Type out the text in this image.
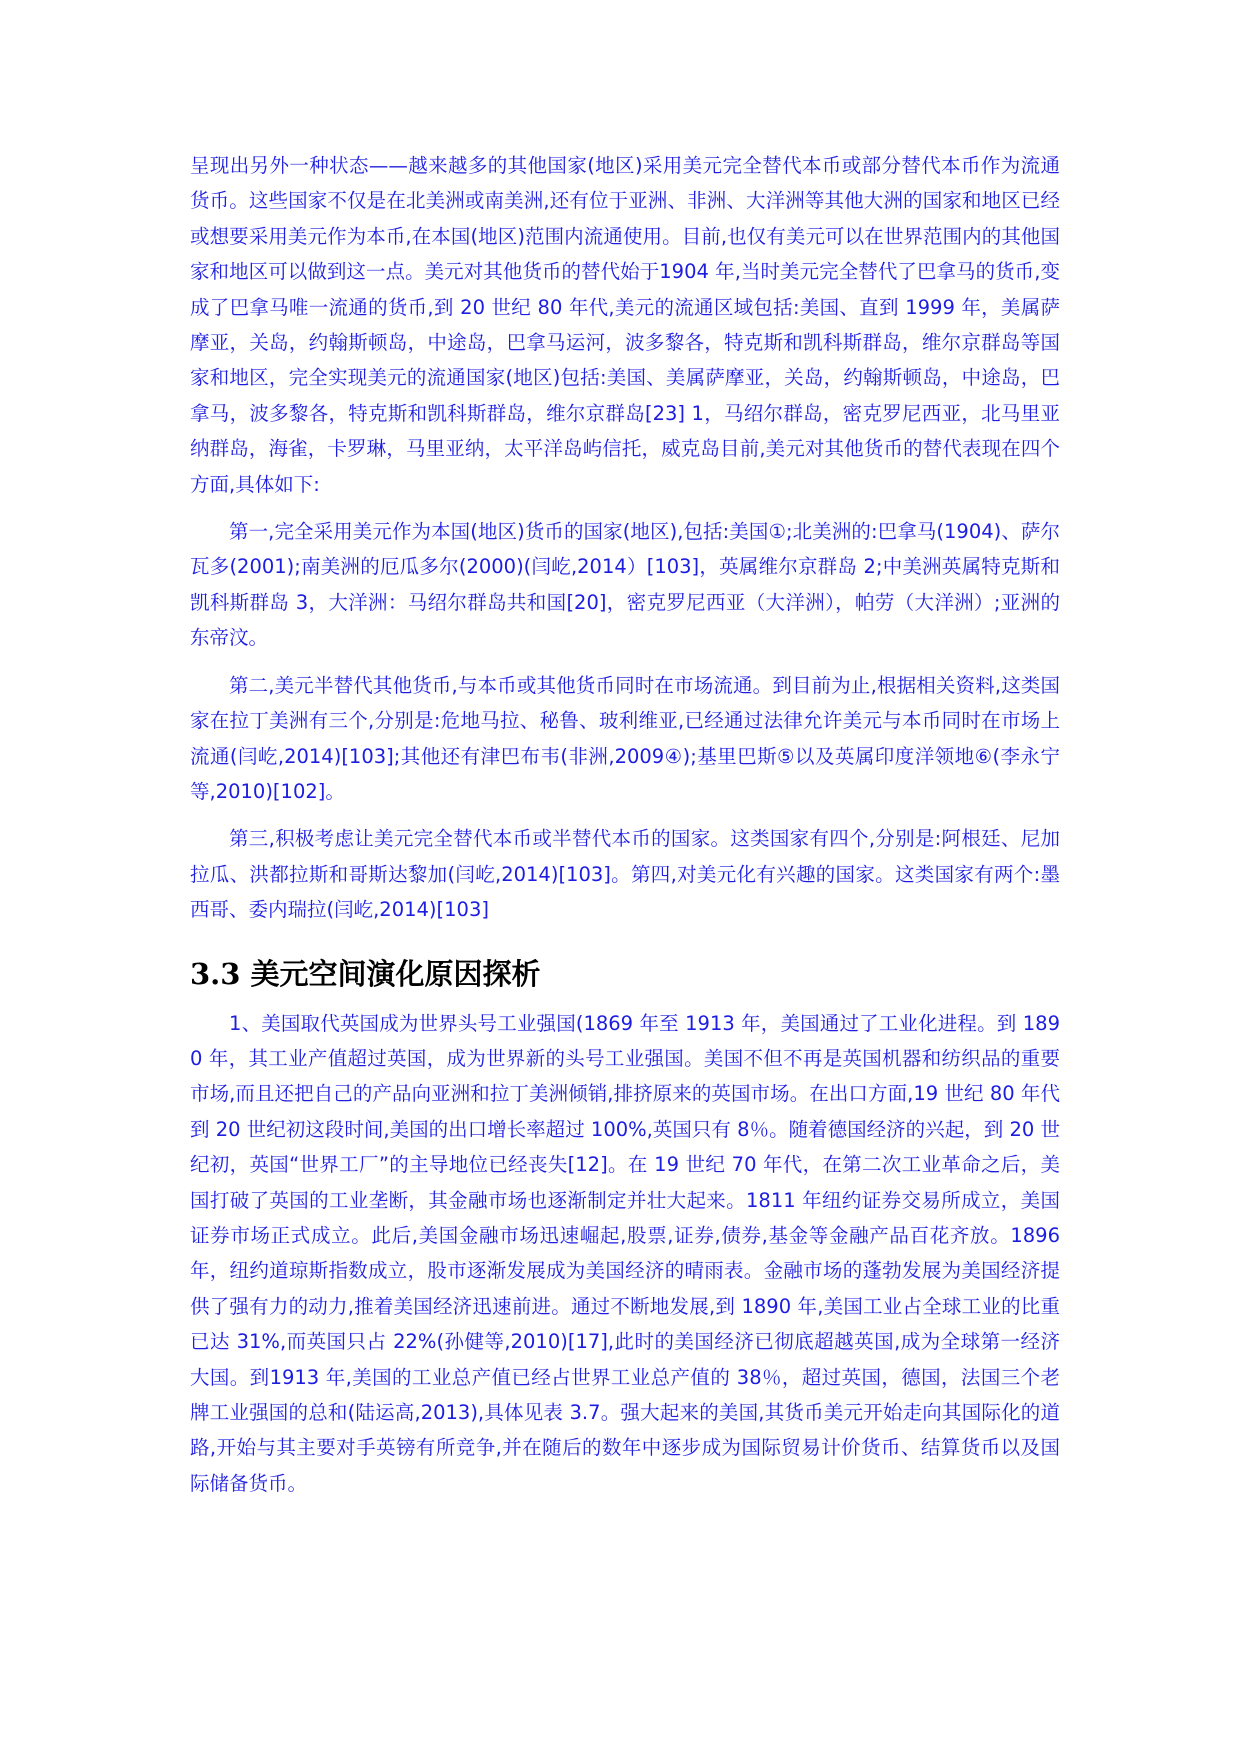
呈现出另外一种状态——越来越多的其他国家(地区)采用美元完全替代本币或部分替代本币作为流通货币。这些国家不仅是在北美洲或南美洲,还有位于亚洲、非洲、大洋洲等其他大洲的国家和地区已经或想要采用美元作为本币,在本国(地区)范围内流通使用。目前,也仅有美元可以在世界范围内的其他国家和地区可以做到这一点。美元对其他货币的替代始于1904 年,当时美元完全替代了巴拿马的货币,变成了巴拿马唯一流通的货币,到 20 世纪 80 年代,美元的流通区域包括:美国、直到 1999 年，美属萨摩亚，关岛，约翰斯顿岛，中途岛，巴拿马运河，波多黎各，特克斯和凯科斯群岛，维尔京群岛等国家和地区，完全实现美元的流通国家(地区)包括:美国、美属萨摩亚，关岛，约翰斯顿岛，中途岛，巴拿马，波多黎各，特克斯和凯科斯群岛，维尔京群岛[23] 1，马绍尔群岛，密克罗尼西亚，北马里亚纳群岛，海雀，卡罗琳，马里亚纳，太平洋岛屿信托，威克岛目前,美元对其他货币的替代表现在四个方面,具体如下:

第一,完全采用美元作为本国(地区)货币的国家(地区),包括:美国①;北美洲的:巴拿马(1904)、萨尔瓦多(2001);南美洲的厄瓜多尔(2000)(闫屹,2014）[103]，英属维尔京群岛 2;中美洲英属特克斯和凯科斯群岛 3，大洋洲：马绍尔群岛共和国[20]，密克罗尼西亚（大洋洲），帕劳（大洋洲）;亚洲的东帝汶。

第二,美元半替代其他货币,与本币或其他货币同时在市场流通。到目前为止,根据相关资料,这类国家在拉丁美洲有三个,分别是:危地马拉、秘鲁、玻利维亚,已经通过法律允许美元与本币同时在市场上流通(闫屹,2014)[103];其他还有津巴布韦(非洲,2009④);基里巴斯⑤以及英属印度洋领地⑥(李永宁等,2010)[102]。

第三,积极考虑让美元完全替代本币或半替代本币的国家。这类国家有四个,分别是:阿根廷、尼加拉瓜、洪都拉斯和哥斯达黎加(闫屹,2014)[103]。第四,对美元化有兴趣的国家。这类国家有两个:墨西哥、委内瑞拉(闫屹,2014)[103]

3.3 美元空间演化原因探析

1、美国取代英国成为世界头号工业强国(1869 年至 1913 年，美国通过了工业化进程。到 1890 年，其工业产值超过英国，成为世界新的头号工业强国。美国不但不再是英国机器和纺织品的重要市场,而且还把自己的产品向亚洲和拉丁美洲倾销,排挤原来的英国市场。在出口方面,19 世纪 80 年代到 20 世纪初这段时间,美国的出口增长率超过 100%,英国只有 8％。随着德国经济的兴起，到 20 世纪初，英国“世界工厂”的主导地位已经丧失[12]。在 19 世纪 70 年代，在第二次工业革命之后，美国打破了英国的工业垄断，其金融市场也逐渐制定并壮大起来。1811 年纽约证券交易所成立，美国证券市场正式成立。此后,美国金融市场迅速崛起,股票,证券,债券,基金等金融产品百花齐放。1896 年，纽约道琼斯指数成立，股市逐渐发展成为美国经济的晴雨表。金融市场的蓬勃发展为美国经济提供了强有力的动力,推着美国经济迅速前进。通过不断地发展,到 1890 年,美国工业占全球工业的比重已达 31%,而英国只占 22%(孙健等,2010)[17],此时的美国经济已彻底超越英国,成为全球第一经济大国。到1913 年,美国的工业总产值已经占世界工业总产值的 38％，超过英国，德国，法国三个老牌工业强国的总和(陆运高,2013),具体见表 3.7。强大起来的美国,其货币美元开始走向其国际化的道路,开始与其主要对手英镑有所竞争,并在随后的数年中逐步成为国际贸易计价货币、结算货币以及国际储备货币。
